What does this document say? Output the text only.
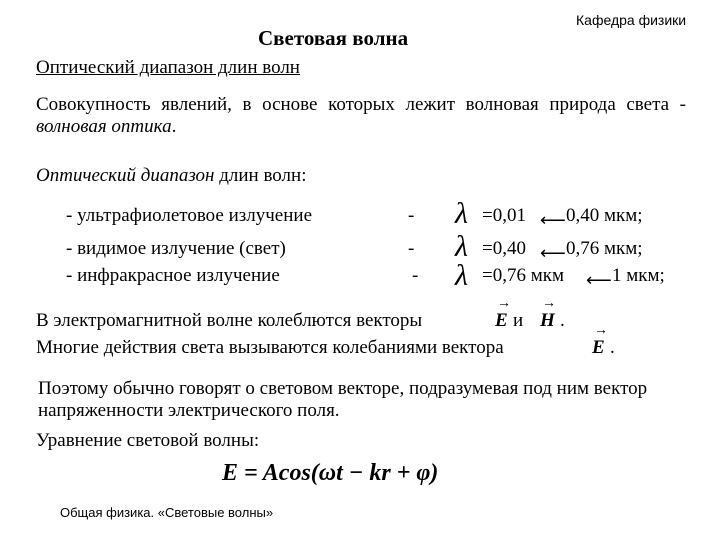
Кафедра физики
Световая волна
Оптический диапазон длин волн
Совокупность явлений, в основе которых лежит волновая природа света - волновая оптика.
Оптический диапазон длин волн:
- ультрафиолетовое излучение	- λ =0,01 ⟵ 0,40 мкм;
- видимое излучение (свет)	- λ =0,40 ⟵ 0,76 мкм;
- инфракрасное излучение	- λ =0,76 мкм ⟵ 1 мкм;
В электромагнитной волне колеблются векторы
→
E и
→
H .
Многие действия света вызываются колебаниями вектора
→
E .
Поэтому обычно говорят о световом векторе, подразумевая под ним вектор напряженности электрического поля.
Уравнение световой волны:
E = Acos(ωt − kr + φ)
Общая физика. «Световые волны»
